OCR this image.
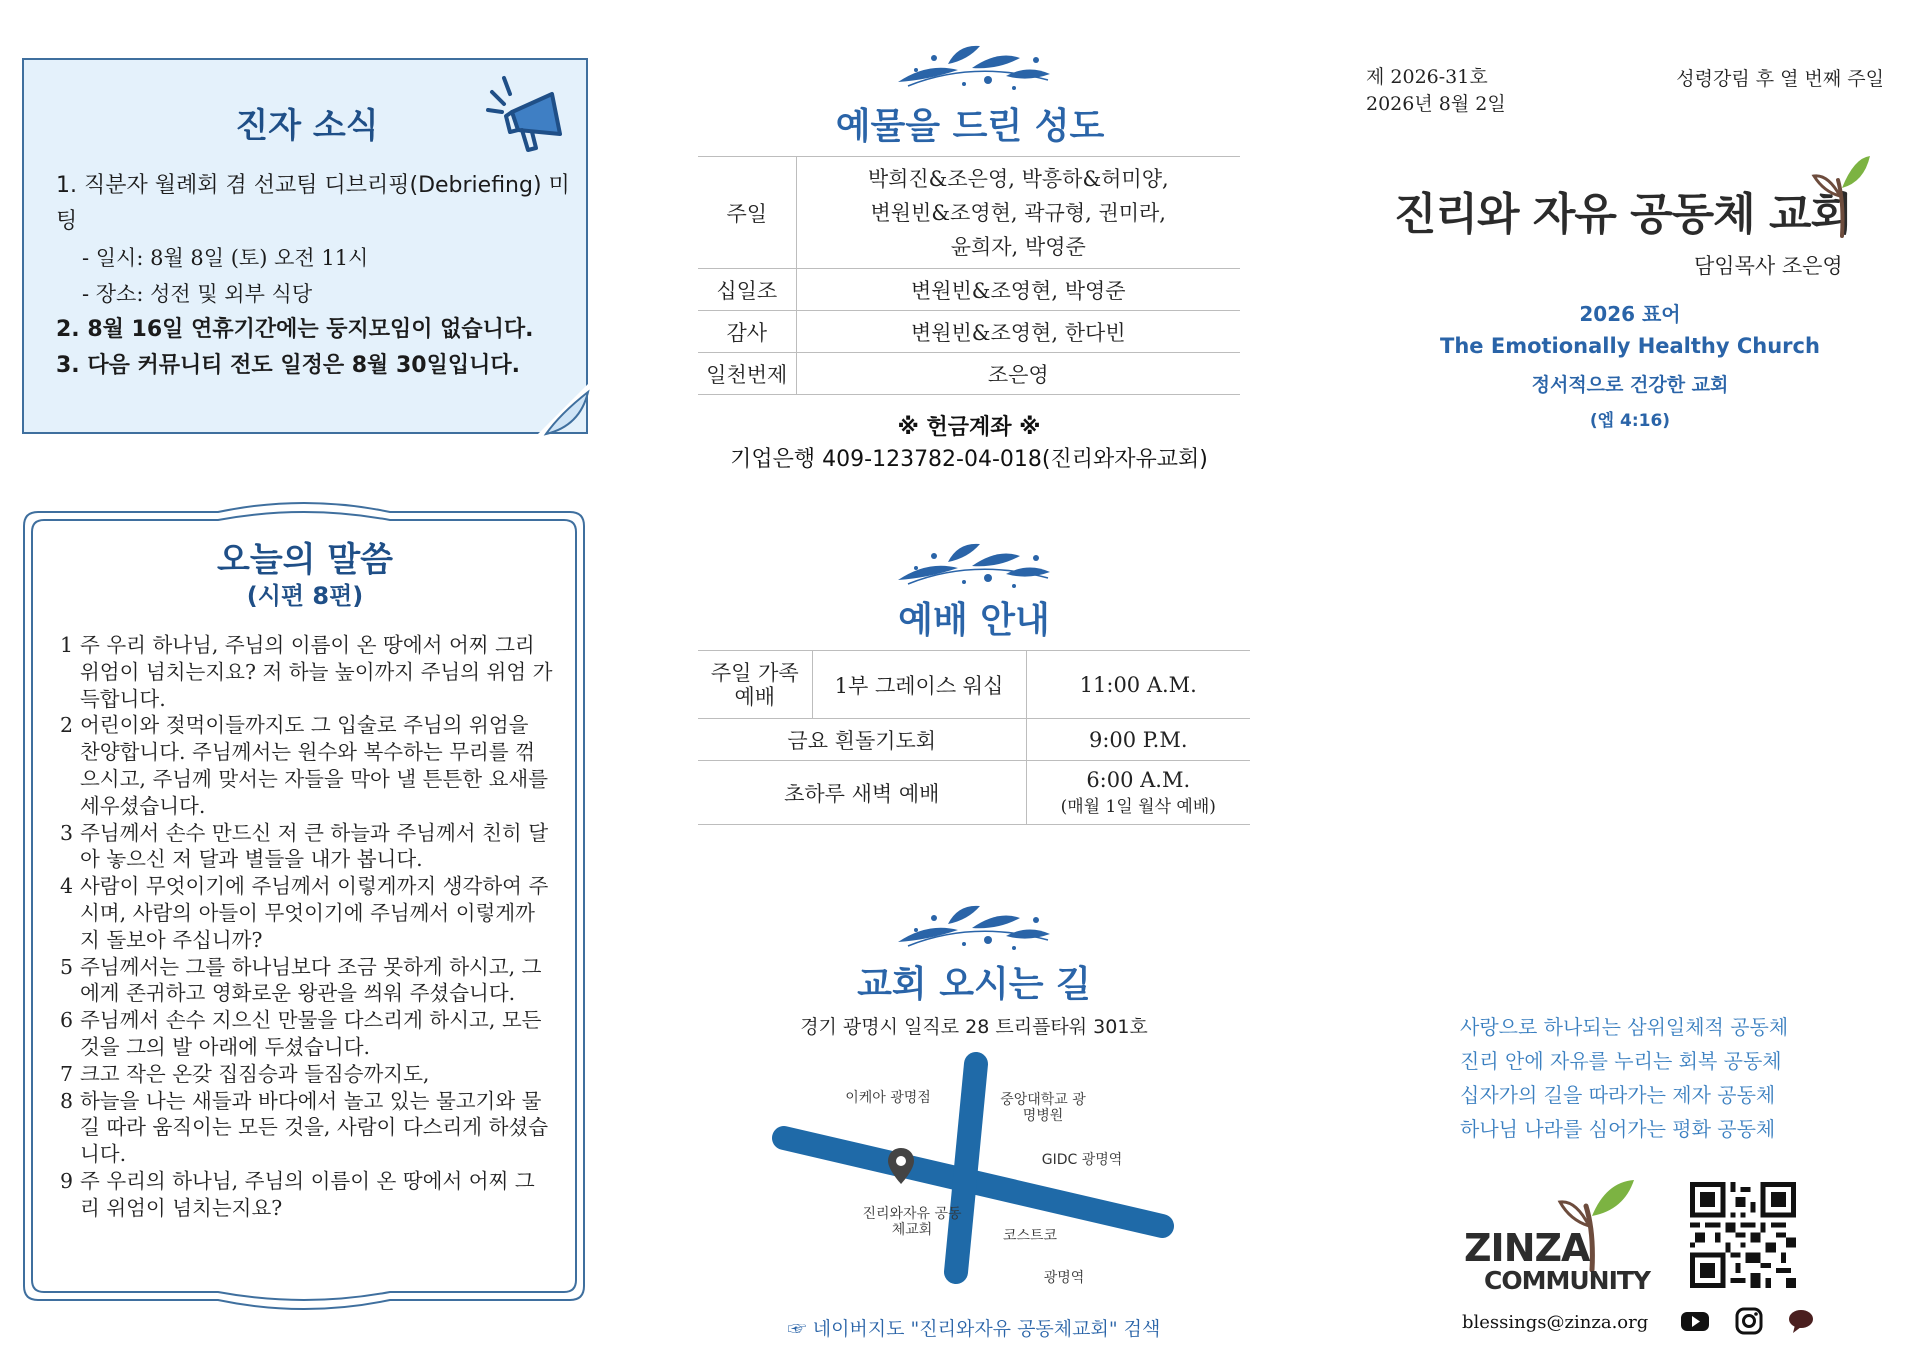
진자 소식
1. 직분자 월례회 겸 선교팀 디브리핑(Debriefing) 미팅
- 일시: 8월 8일 (토) 오전 11시
- 장소: 성전 및 외부 식당
2. 8월 16일 연휴기간에는 둥지모임이 없습니다.
3. 다음 커뮤니티 전도 일정은 8월 30일입니다.
오늘의 말씀
(시편 8편)
1 주 우리 하나님, 주님의 이름이 온 땅에서 어찌 그리 위엄이 넘치는지요? 저 하늘 높이까지 주님의 위엄 가득합니다.
2 어린이와 젖먹이들까지도 그 입술로 주님의 위엄을 찬양합니다. 주님께서는 원수와 복수하는 무리를 꺾으시고, 주님께 맞서는 자들을 막아 낼 튼튼한 요새를 세우셨습니다.
3 주님께서 손수 만드신 저 큰 하늘과 주님께서 친히 달아 놓으신 저 달과 별들을 내가 봅니다.
4 사람이 무엇이기에 주님께서 이렇게까지 생각하여 주시며, 사람의 아들이 무엇이기에 주님께서 이렇게까지 돌보아 주십니까?
5 주님께서는 그를 하나님보다 조금 못하게 하시고, 그에게 존귀하고 영화로운 왕관을 씌워 주셨습니다.
6 주님께서 손수 지으신 만물을 다스리게 하시고, 모든 것을 그의 발 아래에 두셨습니다.
7 크고 작은 온갖 집짐승과 들짐승까지도,
8 하늘을 나는 새들과 바다에서 놀고 있는 물고기와 물길 따라 움직이는 모든 것을, 사람이 다스리게 하셨습니다.
9 주 우리의 하나님, 주님의 이름이 온 땅에서 어찌 그리 위엄이 넘치는지요?
예물을 드린 성도
주일	박희진&조은영, 박흥하&허미양,
변원빈&조영현, 곽규형, 권미라,
윤희자, 박영준

십일조	변원빈&조영현, 박영준
감사	변원빈&조영현, 한다빈
일천번제	조은영
※ 헌금계좌 ※
기업은행 409-123782-04-018(진리와자유교회)
예배 안내
주일 가족 예배	1부 그레이스 워십	11:00 A.M.
금요 흰돌기도회		9:00 P.M.
초하루 새벽 예배		6:00 A.M.
(매월 1일 월삭 예배)
교회 오시는 길
경기 광명시 일직로 28 트리플타워 301호
이케아 광명점	중앙대학교 광명병원
GIDC 광명역
진리와자유 공동체교회	코스트코
광명역
☞ 네이버지도 "진리와자유 공동체교회" 검색
제 2026-31호
2026년 8월 2일
성령강림 후 열 번째 주일
진리와 자유 공동체 교회
담임목사 조은영
2026 표어
The Emotionally Healthy Church
정서적으로 건강한 교회
(엡 4:16)
사랑으로 하나되는 삼위일체적 공동체
진리 안에 자유를 누리는 회복 공동체
십자가의 길을 따라가는 제자 공동체
하나님 나라를 심어가는 평화 공동체
ZINZA
COMMUNITY
blessings@zinza.org
